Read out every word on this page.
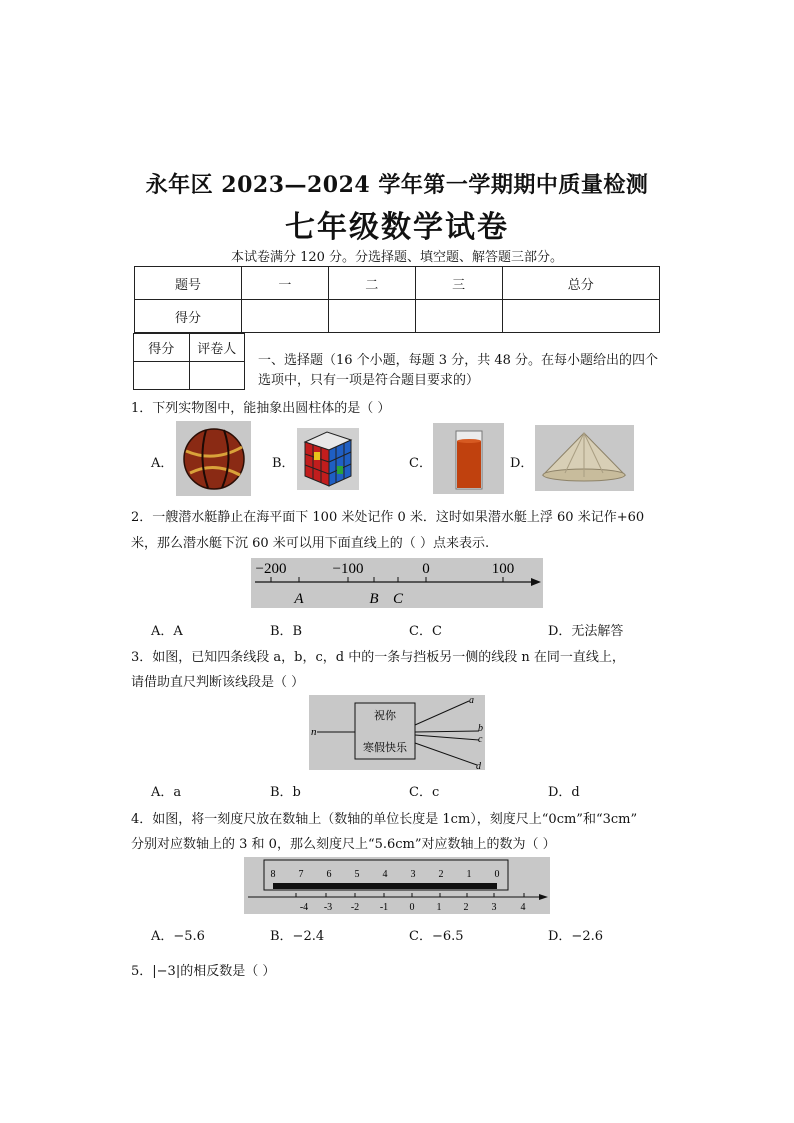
永年区 2023—2024 学年第一学期期中质量检测
七年级数学试卷
本试卷满分 120 分。分选择题、填空题、解答题三部分。
题号	一	二	三	总分
得分				
得分	评卷人

一、选择题（16 个小题，每题 3 分，共 48 分。在每小题给出的四个选项中，只有一项是符合题目要求的）
1．下列实物图中，能抽象出圆柱体的是（ ）
A．	B．	C．	D．
2．一艘潜水艇静止在海平面下 100 米处记作 0 米．这时如果潜水艇上浮 60 米记作+60
米，那么潜水艇下沉 60 米可以用下面直线上的（ ）点来表示.
−200	−100	0	100
A	B C
A．A	B．B	C．C	D．无法解答
3．如图，已知四条线段 a，b，c，d 中的一条与挡板另一侧的线段 n 在同一直线上，
请借助直尺判断该线段是（ ）
祝你
寒假快乐
n
a
b
c
d
A．a	B．b	C．c	D．d
4．如图，将一刻度尺放在数轴上（数轴的单位长度是 1cm），刻度尺上“0cm”和“3cm”
分别对应数轴上的 3 和 0，那么刻度尺上“5.6cm”对应数轴上的数为（ ）
8 7 6 5 4 3 2 1 0
-4 -3 -2 -1 0 1 2 3 4
A．−5.6	B．−2.4	C．−6.5	D．−2.6
5．|−3|的相反数是（ ）
